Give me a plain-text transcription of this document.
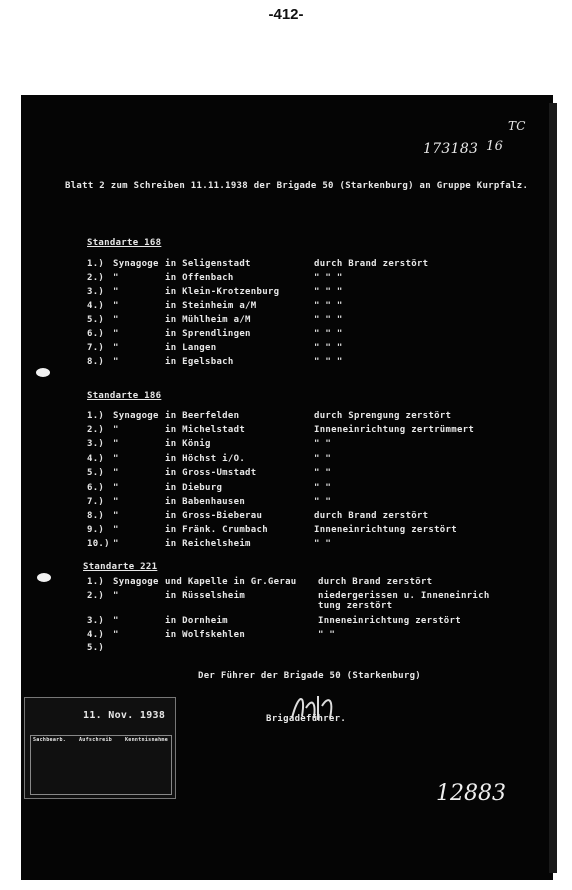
-412-
173183 16
TC
Blatt 2 zum Schreiben 11.11.1938 der Brigade 50 (Starkenburg) an Gruppe Kurpfalz.
Standarte 168
1.) Synagoge in Seligenstadt	durch Brand zerstört
2.) "	in Offenbach	" " "
3.) "	in Klein-Krotzenburg	" " "
4.) "	in Steinheim a/M	" " "
5.) "	in Mühlheim a/M	" " "
6.) "	in Sprendlingen	" " "
7.) "	in Langen	" " "
8.) "	in Egelsbach	" " "
Standarte 186
1.) Synagoge in Beerfelden	durch Sprengung zerstört
2.) "	in Michelstadt	Inneneinrichtung zertrümmert
3.) "	in König	" "
4.) "	in Höchst i/O.	" "
5.) "	in Gross-Umstadt	" "
6.) "	in Dieburg	" "
7.) "	in Babenhausen	" "
8.) "	in Gross-Bieberau	durch Brand zerstört
9.) "	in Fränk. Crumbach	Inneneinrichtung zerstört
10.) "	in Reichelsheim	" "
Standarte 221
1.) Synagoge und Kapelle in Gr.Gerau durch Brand zerstört
2.) "	in Rüsselsheim	niedergerissen u. Inneneinrich
tung zerstört
3.) "	in Dornheim	Inneneinrichtung zerstört
4.) "	in Wolfskehlen	" "
5.)
Der Führer der Brigade 50 (Starkenburg)
Brigadeführer.
11. Nov. 1938
Sachbearb.	Aufschreib	Kenntnisnahme
12883
